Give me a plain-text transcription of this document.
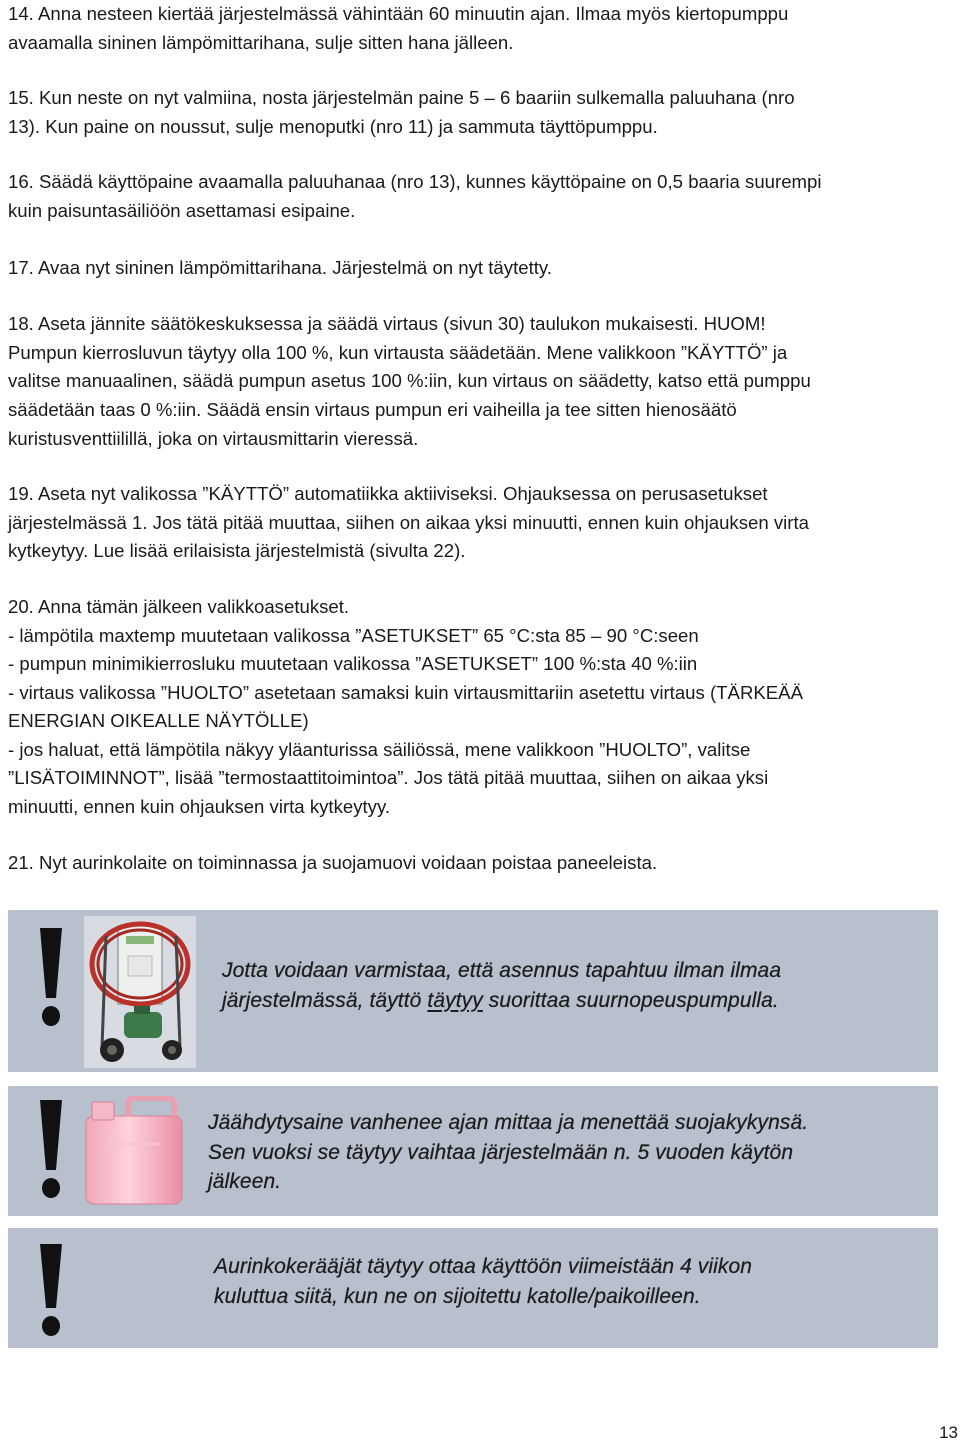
14. Anna nesteen kiertää järjestelmässä vähintään 60 minuutin ajan. Ilmaa myös kiertopumppu
avaamalla sininen lämpömittarihana, sulje sitten hana jälleen.

15. Kun neste on nyt valmiina, nosta järjestelmän paine 5 – 6 baariin sulkemalla paluuhana (nro
13). Kun paine on noussut, sulje menoputki (nro 11) ja sammuta täyttöpumppu.

16. Säädä käyttöpaine avaamalla paluuhanaa (nro 13), kunnes käyttöpaine on 0,5 baaria suurempi
kuin paisuntasäiliöön asettamasi esipaine.

17. Avaa nyt sininen lämpömittarihana. Järjestelmä on nyt täytetty.

18. Aseta jännite säätökeskuksessa ja säädä virtaus (sivun 30) taulukon mukaisesti. HUOM!
Pumpun kierrosluvun täytyy olla 100 %, kun virtausta säädetään. Mene valikkoon ”KÄYTTÖ” ja
valitse manuaalinen, säädä pumpun asetus 100 %:iin, kun virtaus on säädetty, katso että pumppu
säädetään taas 0 %:iin. Säädä ensin virtaus pumpun eri vaiheilla ja tee sitten hienosäätö
kuristusventtiilillä, joka on virtausmittarin vieressä.

19. Aseta nyt valikossa ”KÄYTTÖ” automatiikka aktiiviseksi. Ohjauksessa on perusasetukset
järjestelmässä 1. Jos tätä pitää muuttaa, siihen on aikaa yksi minuutti, ennen kuin ohjauksen virta
kytkeytyy. Lue lisää erilaisista järjestelmistä (sivulta 22).

20. Anna tämän jälkeen valikkoasetukset.
- lämpötila maxtemp muutetaan valikossa ”ASETUKSET” 65 °C:sta 85 – 90 °C:seen
- pumpun minimikierrosluku muutetaan valikossa ”ASETUKSET” 100 %:sta 40 %:iin
- virtaus valikossa ”HUOLTO” asetetaan samaksi kuin virtausmittariin asetettu virtaus (TÄRKEÄÄ
ENERGIAN OIKEALLE NÄYTÖLLE)
- jos haluat, että lämpötila näkyy yläanturissa säiliössä, mene valikkoon ”HUOLTO”, valitse
”LISÄTOIMINNOT”, lisää ”termostaattitoimintoa”. Jos tätä pitää muuttaa, siihen on aikaa yksi
minuutti, ennen kuin ohjauksen virta kytkeytyy.

21. Nyt aurinkolaite on toiminnassa ja suojamuovi voidaan poistaa paneeleista.

Jotta voidaan varmistaa, että asennus tapahtuu ilman ilmaa
järjestelmässä, täyttö täytyy suorittaa suurnopeuspumpulla.
Jäähdytysaine vanhenee ajan mittaa ja menettää suojakykynsä.
Sen vuoksi se täytyy vaihtaa järjestelmään n. 5 vuoden käytön
jälkeen.
Aurinkokerääjät täytyy ottaa käyttöön viimeistään 4 viikon
kuluttua siitä, kun ne on sijoitettu katolle/paikoilleen.
13
